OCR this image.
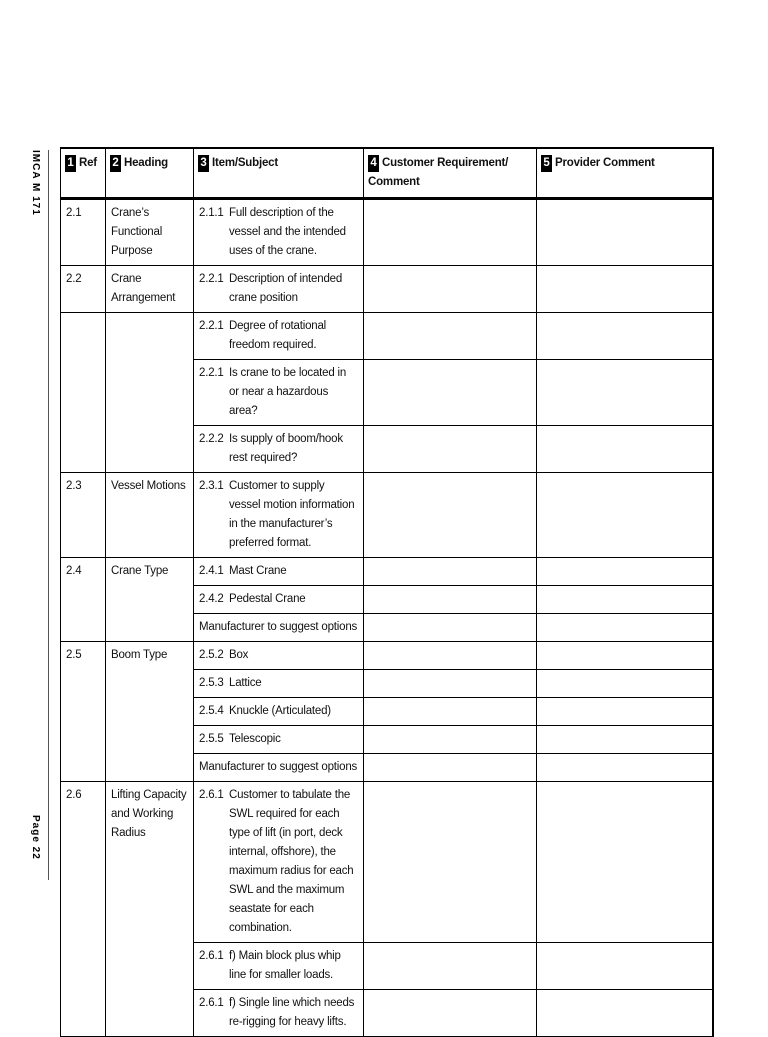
IMCA M 171
Page 22
1 Ref	2 Heading	3 Item/Subject	4 Customer Requirement/ Comment	5 Provider Comment
2.1	Crane’s Functional Purpose	2.1.1 Full description of the vessel and the intended uses of the crane.		

2.2	Crane Arrangement	2.2.1 Description of intended crane position		

		2.2.1 Degree of rotational freedom required.		

		2.2.1 Is crane to be located in or near a hazardous area?		

		2.2.2 Is supply of boom/hook rest required?		

2.3	Vessel Motions	2.3.1 Customer to supply vessel motion information in the manufacturer’s preferred format.		

2.4	Crane Type	2.4.1 Mast Crane		

		2.4.2 Pedestal Crane		

		Manufacturer to suggest options		
2.5	Boom Type	2.5.2 Box		

		2.5.3 Lattice		

		2.5.4 Knuckle (Articulated)		

		2.5.5 Telescopic		

		Manufacturer to suggest options		
2.6	Lifting Capacity and Working Radius	2.6.1 Customer to tabulate the SWL required for each type of lift (in port, deck internal, offshore), the maximum radius for each SWL and the maximum seastate for each combination.		

		2.6.1 f) Main block plus whip line for smaller loads.		

		2.6.1 f) Single line which needs re-rigging for heavy lifts.		
